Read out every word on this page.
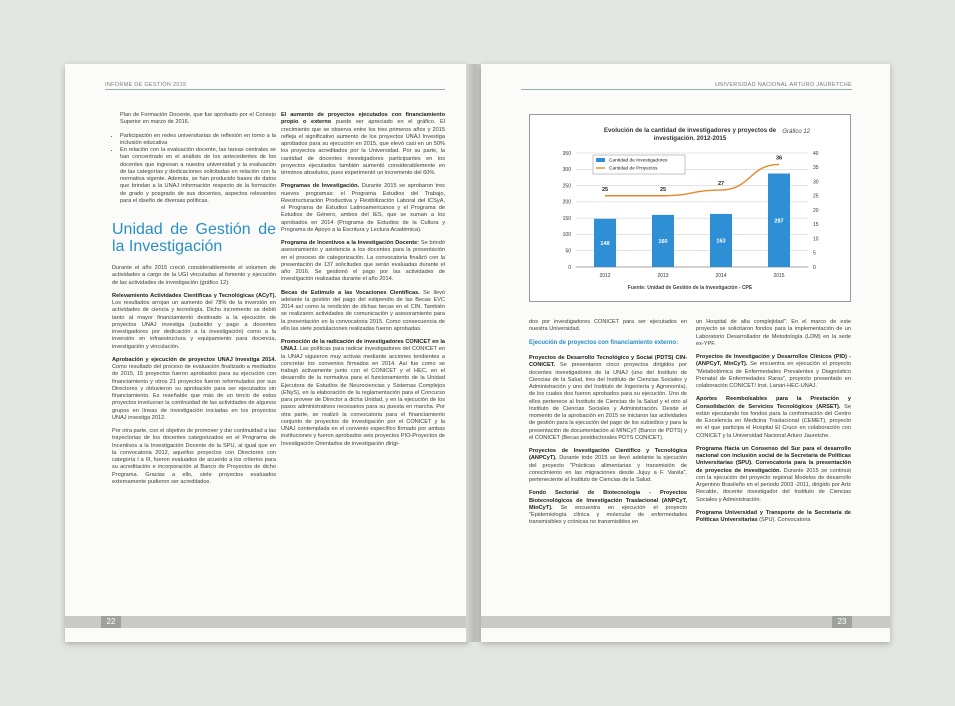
INFORME DE GESTIÓN 2015

Plan de Formación Docente, que fue aprobado por el Consejo Superior en marzo de 2016.

• Participación en redes universitarias de reflexión en torno a la inclusión educativa
• En relación con la evaluación docente, las tareas centrales se han concentrado en el análisis de los antecedentes de los docentes que ingresan a nuestra universidad y la evaluación de las categorías y dedicaciones solicitadas en relación con la normativa vigente. Además, se han producido bases de datos que brindan a la UNAJ información respecto de la formación de grado y posgrado de sus docentes, aspectos relevantes para el diseño de diversas políticas.
Unidad de Gestión de la Investigación

Durante el año 2015 creció considerablemente el volumen de actividades a cargo de la UGI vinculadas al fomento y ejecución de las actividades de investigación (gráfico 12):

Relevamiento Actividades Científicas y Tecnológicas (ACyT). Los resultados arrojan un aumento del 78% de la inversión en actividades de ciencia y tecnología. Dicho incremento se debió tanto al mayor financiamiento destinado a la ejecución de proyectos UNAJ investiga (subsidio y pago a docentes investigadores por dedicación a la investigación) como a la inversión en infraestructura y equipamiento para docencia, investigación y vinculación.

Aprobación y ejecución de proyectos UNAJ Investiga 2014. Como resultado del proceso de evaluación finalizado a mediados de 2015, 15 proyectos fueron aprobados para su ejecución con financiamiento y otros 21 proyectos fueron reformulados por sus Directores y obtuvieron su aprobación para ser ejecutados sin financiamiento. Es reseñable que más de un tercio de estos proyectos involucran la continuidad de las actividades de algunos grupos en líneas de investigación iniciadas en los proyectos UNAJ investiga 2012.

Por otra parte, con el objetivo de promover y dar continuidad a las trayectorias de los docentes categorizados en el Programa de Incentivos a la Investigación Docente de la SPU, al igual que en la convocatoria 2012, aquellos proyectos con Directores con categoría I a III, fueron evaluados de acuerdo a los criterios para su acreditación e incorporación al Banco de Proyectos de dicho Programa. Gracias a ello, siete proyectos evaluados externamente pudieron ser acreditados.

El aumento de proyectos ejecutados con financiamiento propio o externo puede ser apreciado en el gráfico. El crecimiento que se observa entre los tres primeros años y 2015 refleja el significativo aumento de los proyectos UNAJ Investiga aprobados para su ejecución en 2015, que elevó casi en un 50% los proyectos acreditados por la Universidad. Por su parte, la cantidad de docentes investigadores participantes en los proyectos ejecutados también aumentó considerablemente en términos absolutos, pues experimentó un incremento del 60%.

Programas de Investigación. Durante 2015 se aprobaron tres nuevos programas: el Programa Estudios del Trabajo, Reestructuración Productiva y Flexibilización Laboral del ICSyA, el Programa de Estudios Latinoamericanos y el Programa de Estudios de Género, ambos del IES, que se suman a los aprobados en 2014 (Programa de Estudios de la Cultura y Programa de Apoyo a la Escritura y Lectura Académica).

Programa de Incentivos a la Investigación Docente: Se brindó asesoramiento y asistencia a los docentes para la presentación en el proceso de categorización. La convocatoria finalizó con la presentación de 137 solicitudes que serán evaluadas durante el año 2016. Se gestionó el pago por las actividades de investigación realizadas durante el año 2014.

Becas de Estímulo a las Vocaciones Científicas. Se llevó adelante la gestión del pago del estipendio de las Becas EVC 2014 así como la rendición de dichas becas en el CIN. También se realizaron actividades de comunicación y asesoramiento para la presentación en la convocatoria 2015. Como consecuencia de ello las siete postulaciones realizadas fueron aprobadas.

Promoción de la radicación de investigadores CONICET en la UNAJ. Las políticas para radicar investigadores del CONICET en la UNAJ siguieron muy activas mediante acciones tendientes a concretar los convenios firmados en 2014. Así fue como se trabajó activamente junto con el CONICET y el HEC, en el desarrollo de la normativa para el funcionamiento de la Unidad Ejecutora de Estudios de Neurociencias y Sistemas Complejos (ENyS), en la elaboración de la reglamentación para el Concurso para proveer de Director a dicha Unidad, y en la ejecución de los pasos administrativos necesarios para su puesta en marcha. Por otra parte, se realizó la convocatoria para el financiamiento conjunto de proyectos de investigación por el CONICET y la UNAJ contemplada en el convenio específico firmado por ambas instituciones y fueron aprobados seis proyectos PIO-Proyectos de Investigación Orientados de investigación dirigi-

22
UNIVERSIDAD NACIONAL ARTURO JAURETCHE
Evolución de la cantidad de investigadores y proyectos de investigación. 2012-2015
Gráfico 12
0
50
100
150
200
250
300
350
0
5
10
15
20
25
30
35
40
148
2012
160
2013
163
2014
287
2015
25	25
27
36
Cantidad de Investigadores
Cantidad de Proyectos
Fuente: Unidad de Gestión de la Investigación - CPE

dos por investigadores CONICET para ser ejecutados en nuestra Universidad.

Ejecución de proyectos con financiamiento externo:

Proyectos de Desarrollo Tecnológico y Social (PDTS) CIN-CONICET. Se presentaron cinco proyectos dirigidos por docentes investigadores de la UNAJ (uno del Instituto de Ciencias de la Salud, tres del Instituto de Ciencias Sociales y Administración y uno del Instituto de Ingeniería y Agronomía), de los cuales dos fueron aprobados para su ejecución. Uno de ellos pertenece al Instituto de Ciencias de la Salud y el otro al Instituto de Ciencias Sociales y Administración. Desde el momento de la aprobación en 2015 se iniciaron las actividades de gestión para la ejecución del pago de los subsidios y para la presentación de documentación al MINCyT (Banco de PDTS) y el CONICET (Becas postdoctorales PDTS CONICET).

Proyectos de Investigación Científico y Tecnológica (ANPCyT). Durante todo 2015 se llevó adelante la ejecución del proyecto "Prácticas alimentarias y transmisión de conocimiento en las migraciones desde Jujuy a F. Varela", perteneciente al Instituto de Ciencias de la Salud.

Fondo Sectorial de Biotecnología - Proyectos Biotecnológicos de Investigación Traslacional (ANPCyT, MinCyT). Se encuentra en ejecución el proyecto "Epidemiología clínica y molecular de enfermedades transmisibles y crónicas no transmisibles en

un Hospital de alta complejidad". En el marco de este proyecto se solicitaron fondos para la implementación de un Laboratorio Desarrollador de Metodología (LDM) en la sede ex-YPF.

Proyectos de Investigación y Desarrollos Clínicos (PID) - (ANPCyT, MinCyT). Se encuentra en ejecución el proyecto "Metabolómica de Enfermedades Prevalentes y Diagnóstico Prenatal de Enfermedades Raras", proyecto presentado en colaboración CONICET/ Inst. Lanari-HEC-UNAJ.

Aportes Reembolsables para la Prestación y Consolidación de Servicios Tecnológicos (ARSET). Se están ejecutando los fondos para la conformación del Centro de Excelencia en Medicina Traslacional (CEMET), proyecto en el que participa el Hospital El Cruce en colaboración con CONICET y la Universidad Nacional Arturo Jauretche.

Programa Hacia un Consenso del Sur para el desarrollo nacional con inclusión social de la Secretaría de Políticas Universitarias (SPU). Convocatoria para la presentación de proyectos de investigación. Durante 2015 se continuó con la ejecución del proyecto regional Modelos de desarrollo Argentino Brasileño en el periodo 2003 -2011, dirigido por Artz Recalde, docente investigador del Instituto de Ciencias Sociales y Administración.

Programa Universidad y Transporte de la Secretaría de Políticas Universitarias (SPU). Convocatoria

23
